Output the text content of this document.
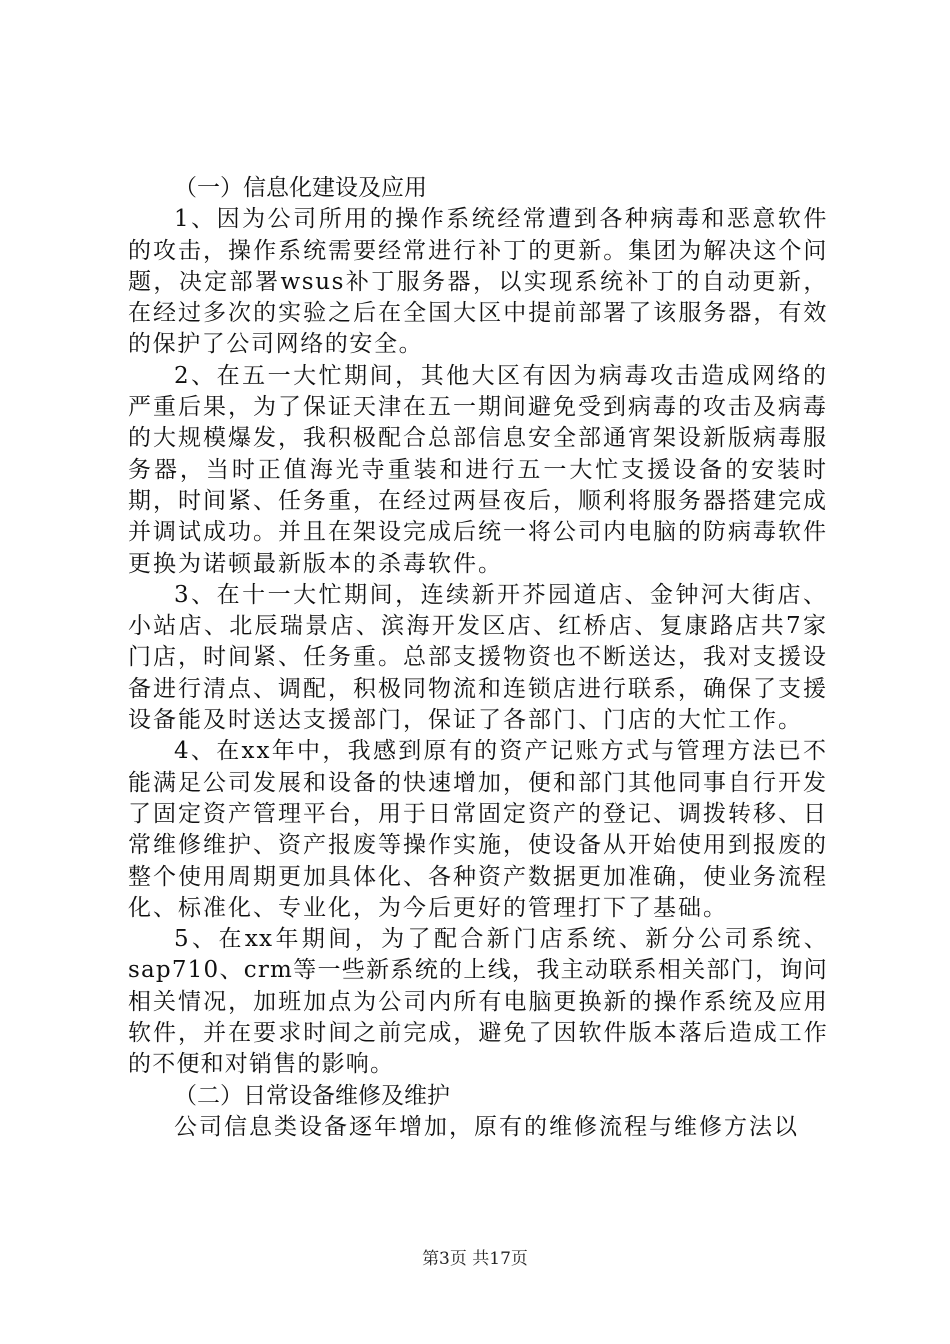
（一）信息化建设及应用

1、因为公司所用的操作系统经常遭到各种病毒和恶意软件的攻击，操作系统需要经常进行补丁的更新。集团为解决这个问题，决定部署wsus补丁服务器，以实现系统补丁的自动更新，在经过多次的实验之后在全国大区中提前部署了该服务器，有效的保护了公司网络的安全。

2、在五一大忙期间，其他大区有因为病毒攻击造成网络的严重后果，为了保证天津在五一期间避免受到病毒的攻击及病毒的大规模爆发，我积极配合总部信息安全部通宵架设新版病毒服务器，当时正值海光寺重装和进行五一大忙支援设备的安装时期，时间紧、任务重，在经过两昼夜后，顺利将服务器搭建完成并调试成功。并且在架设完成后统一将公司内电脑的防病毒软件更换为诺顿最新版本的杀毒软件。

3、在十一大忙期间，连续新开芥园道店、金钟河大街店、小站店、北辰瑞景店、滨海开发区店、红桥店、复康路店共7家门店，时间紧、任务重。总部支援物资也不断送达，我对支援设备进行清点、调配，积极同物流和连锁店进行联系，确保了支援设备能及时送达支援部门，保证了各部门、门店的大忙工作。

4、在xx年中，我感到原有的资产记账方式与管理方法已不能满足公司发展和设备的快速增加，便和部门其他同事自行开发了固定资产管理平台，用于日常固定资产的登记、调拨转移、日常维修维护、资产报废等操作实施，使设备从开始使用到报废的整个使用周期更加具体化、各种资产数据更加准确，使业务流程化、标准化、专业化，为今后更好的管理打下了基础。

5、在xx年期间，为了配合新门店系统、新分公司系统、sap710、crm等一些新系统的上线，我主动联系相关部门，询问相关情况，加班加点为公司内所有电脑更换新的操作系统及应用软件，并在要求时间之前完成，避免了因软件版本落后造成工作的不便和对销售的影响。

（二）日常设备维修及维护

公司信息类设备逐年增加，原有的维修流程与维修方法以

第3页 共17页
